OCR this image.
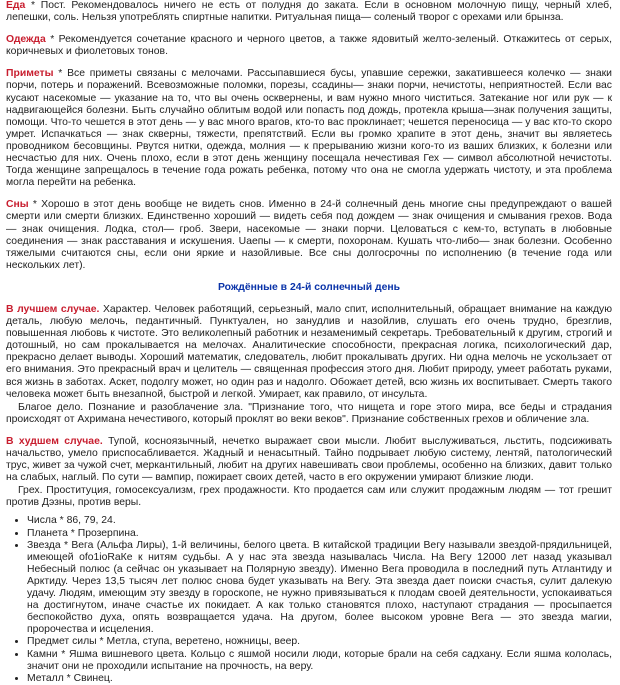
Еда * Пост. Рекомендовалось ничего не есть от полудня до заката. Если в основном молочную пищу, черный хлеб, лепешки, соль. Нельзя употреблять спиртные напитки. Ритуальная пища— соленый творог с орехами или брынза.

Одежда * Рекомендуется сочетание красного и черного цветов, а также ядовитый желто-зеленый. Откажитесь от серых, коричневых и фиолетовых тонов.

Приметы * Все приметы связаны с мелочами. Рассыпавшиеся бусы, упавшие сережки, закатившееся колечко — знаки порчи, потерь и поражений. Всевозможные поломки, порезы, ссадины— знаки порчи, нечистоты, неприятностей. Если вас кусают насекомые — указание на то, что вы очень осквернены, и вам нужно много чиститься. Затекание ног или рук — к надвигающейся болезни. Быть случайно облитым водой или попасть под дождь, протекла крыша—знак получения защиты, помощи. Что-то чешется в этот день — у вас много врагов, кто-то вас проклинает; чешется переносица — у вас кто-то скоро умрет. Испачкаться — знак скверны, тяжести, препятствий. Если вы громко храпите в этот день, значит вы являетесь проводником бесовщины. Рвутся нитки, одежда, молния — к прерыванию жизни кого-то из ваших близких, к болезни или несчастью для них. Очень плохо, если в этот день женщину посещала нечестивая Гех — символ абсолютной нечистоты. Тогда женщине запрещалось в течение года рожать ребенка, потому что она не смогла удержать чистоту, и эта проблема могла перейти на ребенка.

Сны * Хорошо в этот день вообще не видеть снов. Именно в 24-й солнечный день многие сны предупреждают о вашей смерти или смерти близких. Единственно хороший — видеть себя под дождем — знак очищения и смывания грехов. Вода — знак очищения. Лодка, стол— гроб. Звери, насекомые — знаки порчи. Целоваться с кем-то, вступать в любовные соединения — знак расставания и искушения. Uаепы — к смерти, похоронам. Кушать что-либо— знак болезни. Особенно тяжелыми считаются сны, если они яркие и назойливые. Все сны долгосрочны по исполнению (в течение года или нескольких лет).

Рождённые в 24-й солнечный день

В лучшем случае. Характер. Человек работящий, серьезный, мало спит, исполнительный, обращает внимание на каждую деталь, любую мелочь, педантичный. Пунктуален, но занудлив и назойлив, слушать его очень трудно, брезглив, повышенная любовь к чистоте. Это великолепный работник и незаменимый секретарь. Требовательный к другим, строгий и дотошный, но сам прокалывается на мелочах. Аналитические способности, прекрасная логика, психологический дар, прекрасно делает выводы. Хороший математик, следователь, любит прокалывать других. Ни одна мелочь не ускользает от его внимания. Это прекрасный врач и целитель — священная профессия этого дня. Любит природу, умеет работать руками, вся жизнь в заботах. Аскет, подолгу может, но один раз и надолго. Обожает детей, всю жизнь их воспитывает. Смерть такого человека может быть внезапной, быстрой и легкой. Умирает, как правило, от инсульта.

Благое дело. Познание и разоблачение зла. "Признание того, что нищета и горе этого мира, все беды и страдания происходят от Ахримана нечестивого, который проклят во веки веков". Признание собственных грехов и обличение зла.

В худшем случае. Тупой, косноязычный, нечетко выражает свои мысли. Любит выслуживаться, льстить, подсиживать начальство, умело приспосабливается. Жадный и ненасытный. Тайно подрывает любую систему, лентяй, патологический трус, живет за чужой счет, меркантильный, любит на других навешивать свои проблемы, особенно на близких, давит только на слабых, наглый. По сути — вампир, пожирает своих детей, часто в его окружении умирают близкие люди.

Грех. Проституция, гомосексуализм, грех продажности. Кто продается сам или служит продажным людям — тот грешит против Дэзны, против веры.

• Числа * 86, 79, 24.
• Планета * Прозерпина.
• Звезда * Вега (Альфа Лиры), 1-й величины, белого цвета. В китайской традиции Вегу называли звездой-прядильницей, имеющей ofo1ioRaКе к нитям судьбы. А у нас эта звезда называлась Числа. На Вегу 12000 лет назад указывал Небесный полюс (а сейчас он указывает на Полярную звезду). Именно Вега проводила в последний путь Атлантиду и Арктиду. Через 13,5 тысяч лет полюс снова будет указывать на Вегу. Эта звезда дает поиски счастья, сулит далекую удачу. Людям, имеющим эту звезду в гороскопе, не нужно привязываться к плодам своей деятельности, успокаиваться на достигнутом, иначе счастье их покидает. А как только становятся плохо, наступают страдания — просыпается беспокойство духа, опять возвращается удача. На другом, более высоком уровне Вега — это звезда магии, пророчества и исцеления.
• Предмет силы * Метла, ступа, веретено, ножницы, веер.
• Камни * Яшма вишневого цвета. Кольцо с яшмой носили люди, которые брали на себя садханy. Если яшма кололась, значит они не проходили испытание на прочность, на веру.
• Металл * Свинец.
